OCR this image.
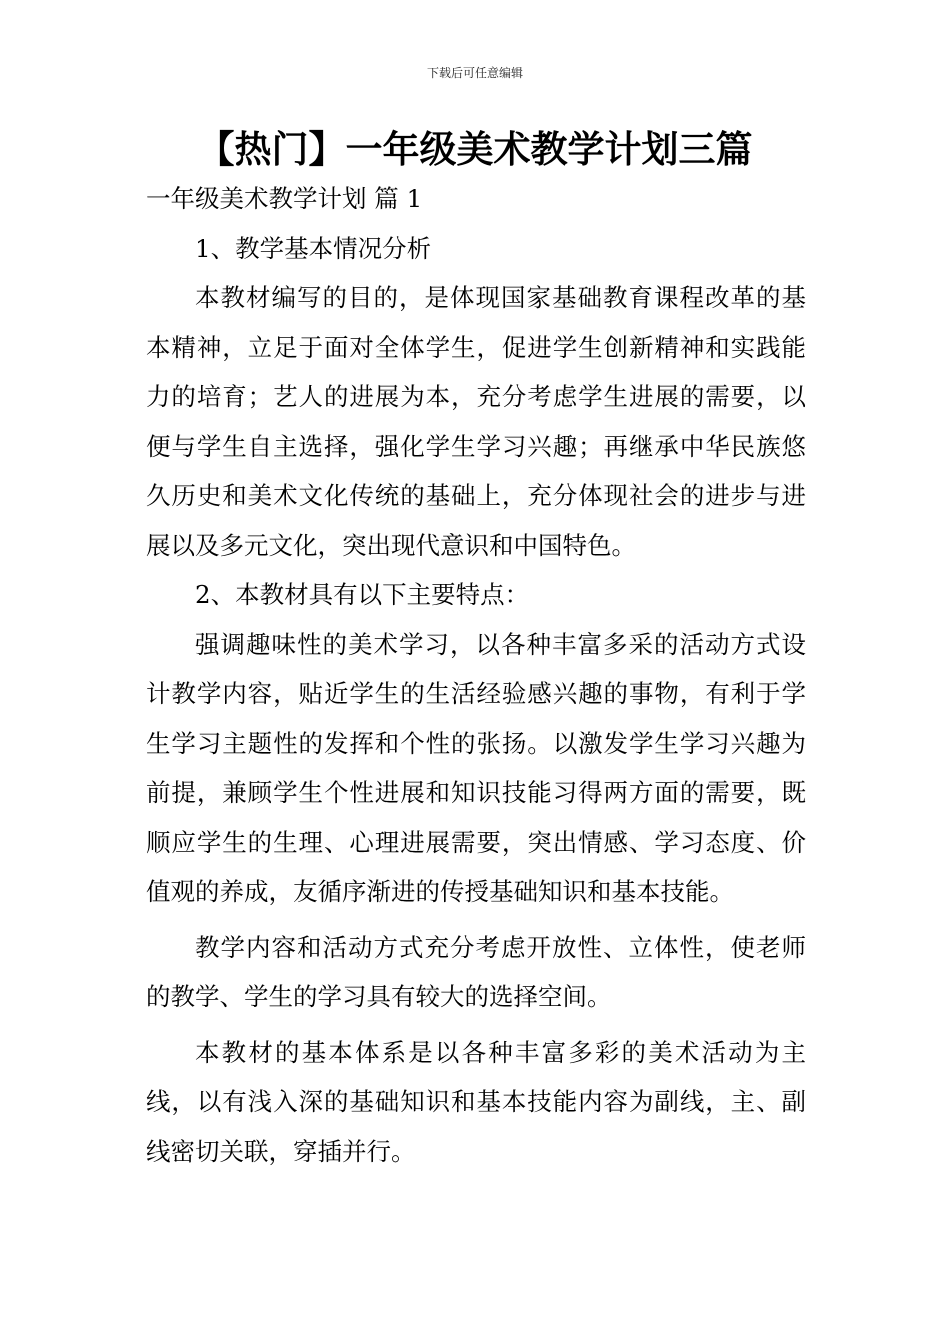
下载后可任意编辑
【热门】一年级美术教学计划三篇

一年级美术教学计划 篇 1

1、教学基本情况分析

本教材编写的目的，是体现国家基础教育课程改革的基本精神，立足于面对全体学生，促进学生创新精神和实践能力的培育；艺人的进展为本，充分考虑学生进展的需要，以便与学生自主选择，强化学生学习兴趣；再继承中华民族悠久历史和美术文化传统的基础上，充分体现社会的进步与进展以及多元文化，突出现代意识和中国特色。

2、本教材具有以下主要特点：

强调趣味性的美术学习，以各种丰富多采的活动方式设计教学内容，贴近学生的生活经验感兴趣的事物，有利于学生学习主题性的发挥和个性的张扬。以激发学生学习兴趣为前提，兼顾学生个性进展和知识技能习得两方面的需要，既顺应学生的生理、心理进展需要，突出情感、学习态度、价值观的养成，友循序渐进的传授基础知识和基本技能。

教学内容和活动方式充分考虑开放性、立体性，使老师的教学、学生的学习具有较大的选择空间。

本教材的基本体系是以各种丰富多彩的美术活动为主线，以有浅入深的基础知识和基本技能内容为副线，主、副线密切关联，穿插并行。
